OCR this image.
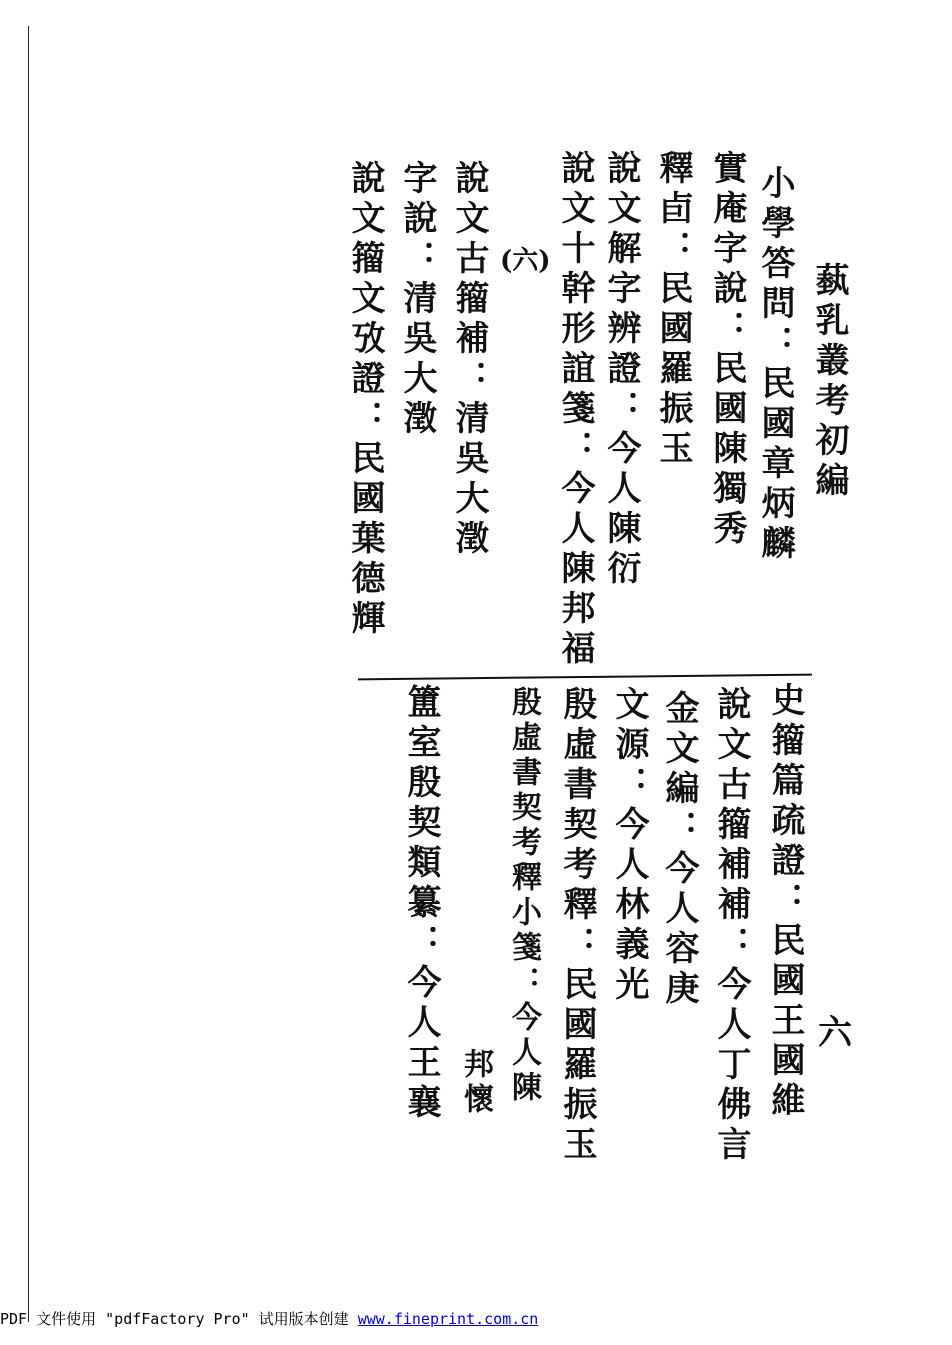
蓺乳叢考初編
小學答問：民國章炳麟
實庵字說：民國陳獨秀
釋卣：民國羅振玉
說文解字辨證：今人陳衍
說文十幹形誼箋：今人陳邦福
(六)
說文古籀補：清吳大澂
字說：清吳大澂
說文籀文攷證：民國葉德輝
史籀篇疏證：民國王國維
說文古籀補補：今人丁佛言
金文編：今人容庚
文源：今人林義光
殷虛書契考釋：民國羅振玉
殷虛書契考釋小箋：今人陳
邦懷
簠室殷契類纂：今人王襄	六
PDF 文件使用 "pdfFactory Pro" 试用版本创建 www.fineprint.com.cn
